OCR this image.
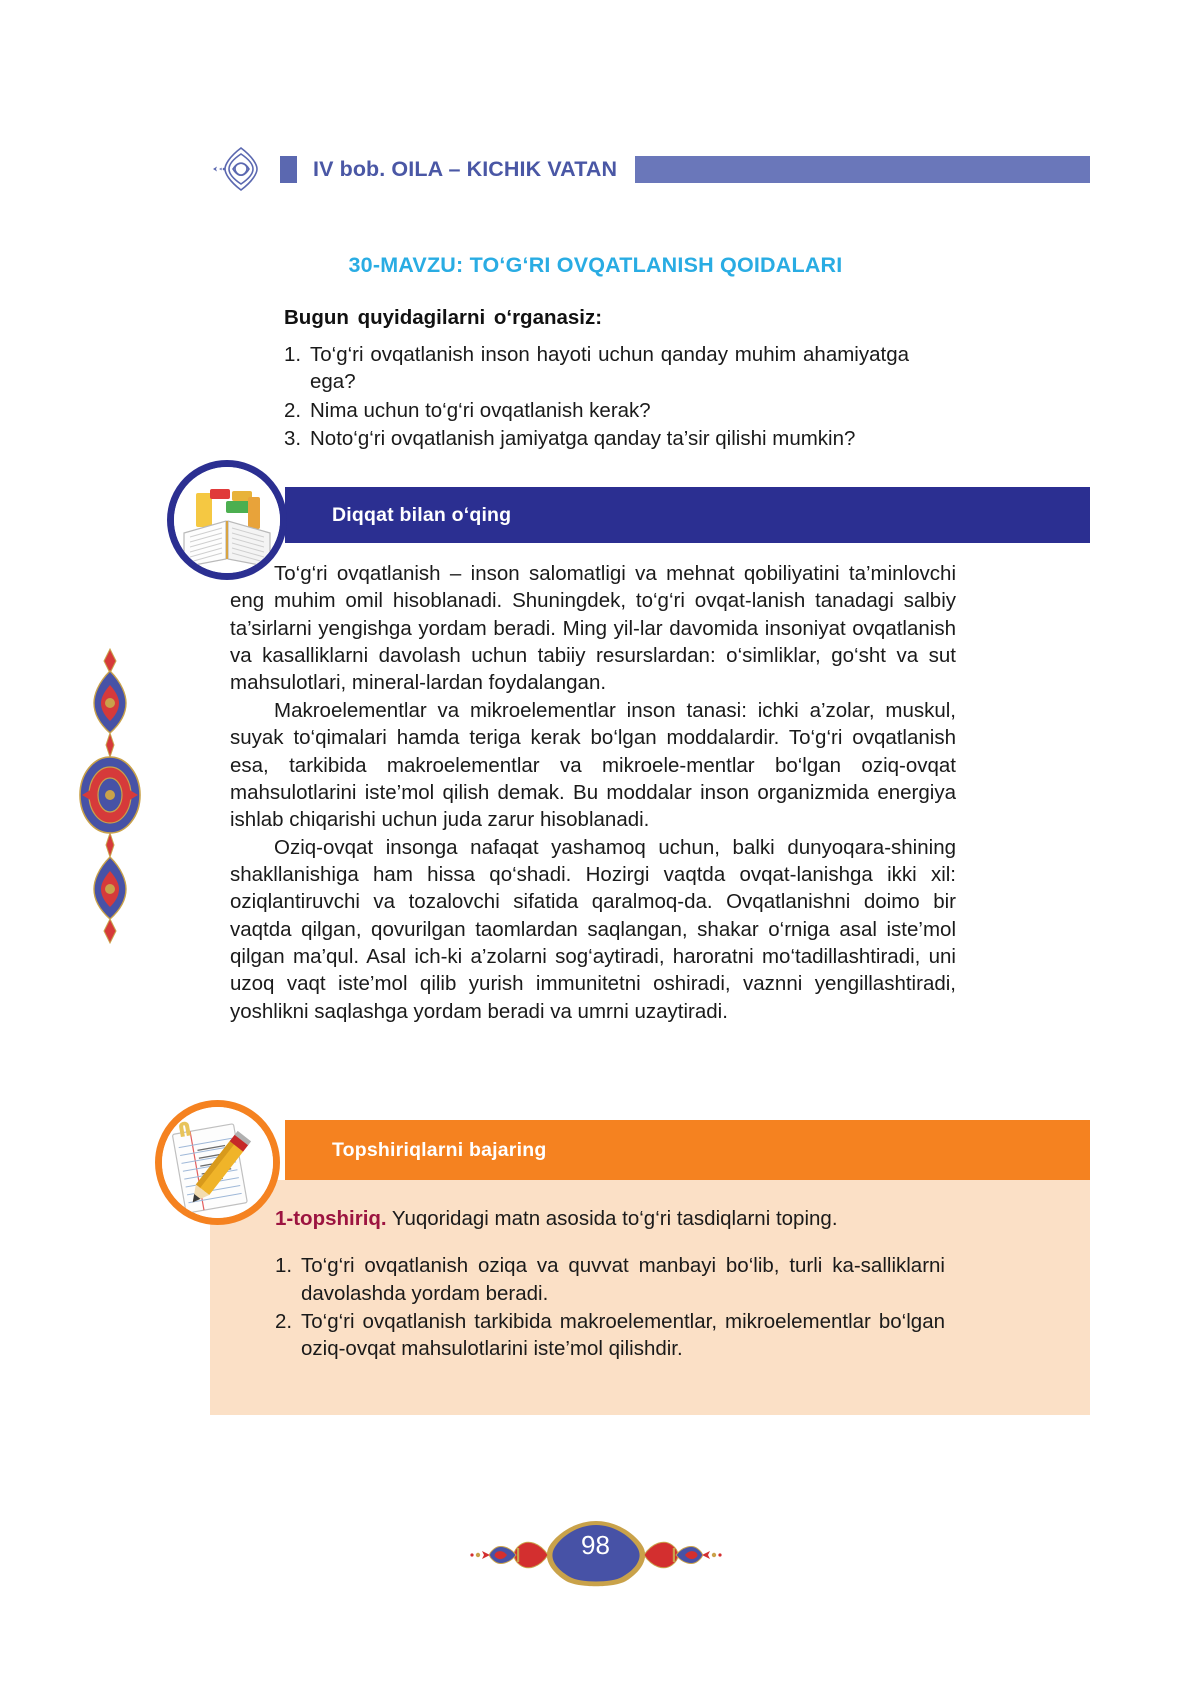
IV bob. OILA – KICHIK VATAN
30-MAVZU: TO‘G‘RI OVQATLANISH QOIDALARI
Bugun quyidagilarni o‘rganasiz:
1. To‘g‘ri ovqatlanish inson hayoti uchun qanday muhim ahamiyatga ega?
2. Nima uchun to‘g‘ri ovqatlanish kerak?
3. Noto‘g‘ri ovqatlanish jamiyatga qanday ta’sir qilishi mumkin?
Diqqat bilan o‘qing

To‘g‘ri ovqatlanish – inson salomatligi va mehnat qobiliyatini ta’minlovchi eng muhim omil hisoblanadi. Shuningdek, to‘g‘ri ovqat-lanish tanadagi salbiy ta’sirlarni yengishga yordam beradi. Ming yil-lar davomida insoniyat ovqatlanish va kasalliklarni davolash uchun tabiiy resurslardan: o‘simliklar, go‘sht va sut mahsulotlari, mineral-lardan foydalangan.

Makroelementlar va mikroelementlar inson tanasi: ichki a’zolar, muskul, suyak to‘qimalari hamda teriga kerak bo‘lgan moddalardir. To‘g‘ri ovqatlanish esa, tarkibida makroelementlar va mikroele-mentlar bo‘lgan oziq-ovqat mahsulotlarini iste’mol qilish demak. Bu moddalar inson organizmida energiya ishlab chiqarishi uchun juda zarur hisoblanadi.

Oziq-ovqat insonga nafaqat yashamoq uchun, balki dunyoqara-shining shakllanishiga ham hissa qo‘shadi. Hozirgi vaqtda ovqat-lanishga ikki xil: oziqlantiruvchi va tozalovchi sifatida qaralmoq-da. Ovqatlanishni doimo bir vaqtda qilgan, qovurilgan taomlardan saqlangan, shakar o‘rniga asal iste’mol qilgan ma’qul. Asal ich-ki a’zolarni sog‘aytiradi, haroratni mo‘tadillashtiradi, uni uzoq vaqt iste’mol qilib yurish immunitetni oshiradi, vaznni yengillashtiradi, yoshlikni saqlashga yordam beradi va umrni uzaytiradi.

Topshiriqlarni bajaring
1-topshiriq. Yuqoridagi matn asosida to‘g‘ri tasdiqlarni toping.
1. To‘g‘ri ovqatlanish oziqa va quvvat manbayi bo‘lib, turli ka-salliklarni davolashda yordam beradi.
2. To‘g‘ri ovqatlanish tarkibida makroelementlar, mikroelementlar bo‘lgan oziq-ovqat mahsulotlarini iste’mol qilishdir.
98
